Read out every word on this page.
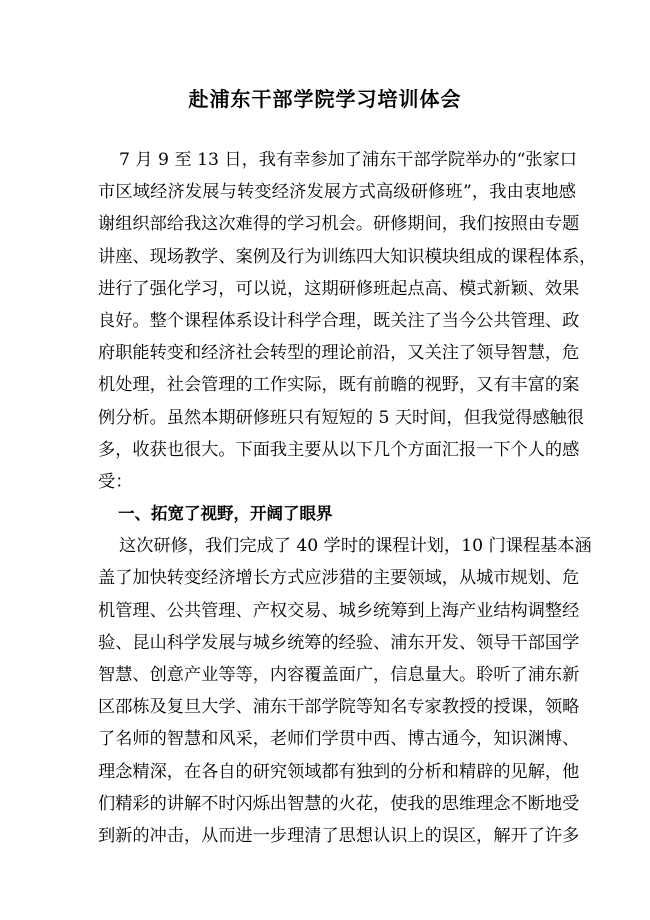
赴浦东干部学院学习培训体会
7 月 9 至 13 日，我有幸参加了浦东干部学院举办的“张家口
市区域经济发展与转变经济发展方式高级研修班”，我由衷地感
谢组织部给我这次难得的学习机会。研修期间，我们按照由专题
讲座、现场教学、案例及行为训练四大知识模块组成的课程体系，
进行了强化学习，可以说，这期研修班起点高、模式新颖、效果
良好。整个课程体系设计科学合理，既关注了当今公共管理、政
府职能转变和经济社会转型的理论前沿，又关注了领导智慧，危
机处理，社会管理的工作实际，既有前瞻的视野，又有丰富的案
例分析。虽然本期研修班只有短短的 5 天时间，但我觉得感触很
多，收获也很大。下面我主要从以下几个方面汇报一下个人的感
受：
一、拓宽了视野，开阔了眼界
这次研修，我们完成了 40 学时的课程计划，10 门课程基本涵
盖了加快转变经济增长方式应涉猎的主要领域，从城市规划、危
机管理、公共管理、产权交易、城乡统筹到上海产业结构调整经
验、昆山科学发展与城乡统筹的经验、浦东开发、领导干部国学
智慧、创意产业等等，内容覆盖面广，信息量大。聆听了浦东新
区邵栋及复旦大学、浦东干部学院等知名专家教授的授课，领略
了名师的智慧和风采，老师们学贯中西、博古通今，知识渊博、
理念精深，在各自的研究领域都有独到的分析和精辟的见解，他
们精彩的讲解不时闪烁出智慧的火花，使我的思维理念不断地受
到新的冲击，从而进一步理清了思想认识上的误区，解开了许多
